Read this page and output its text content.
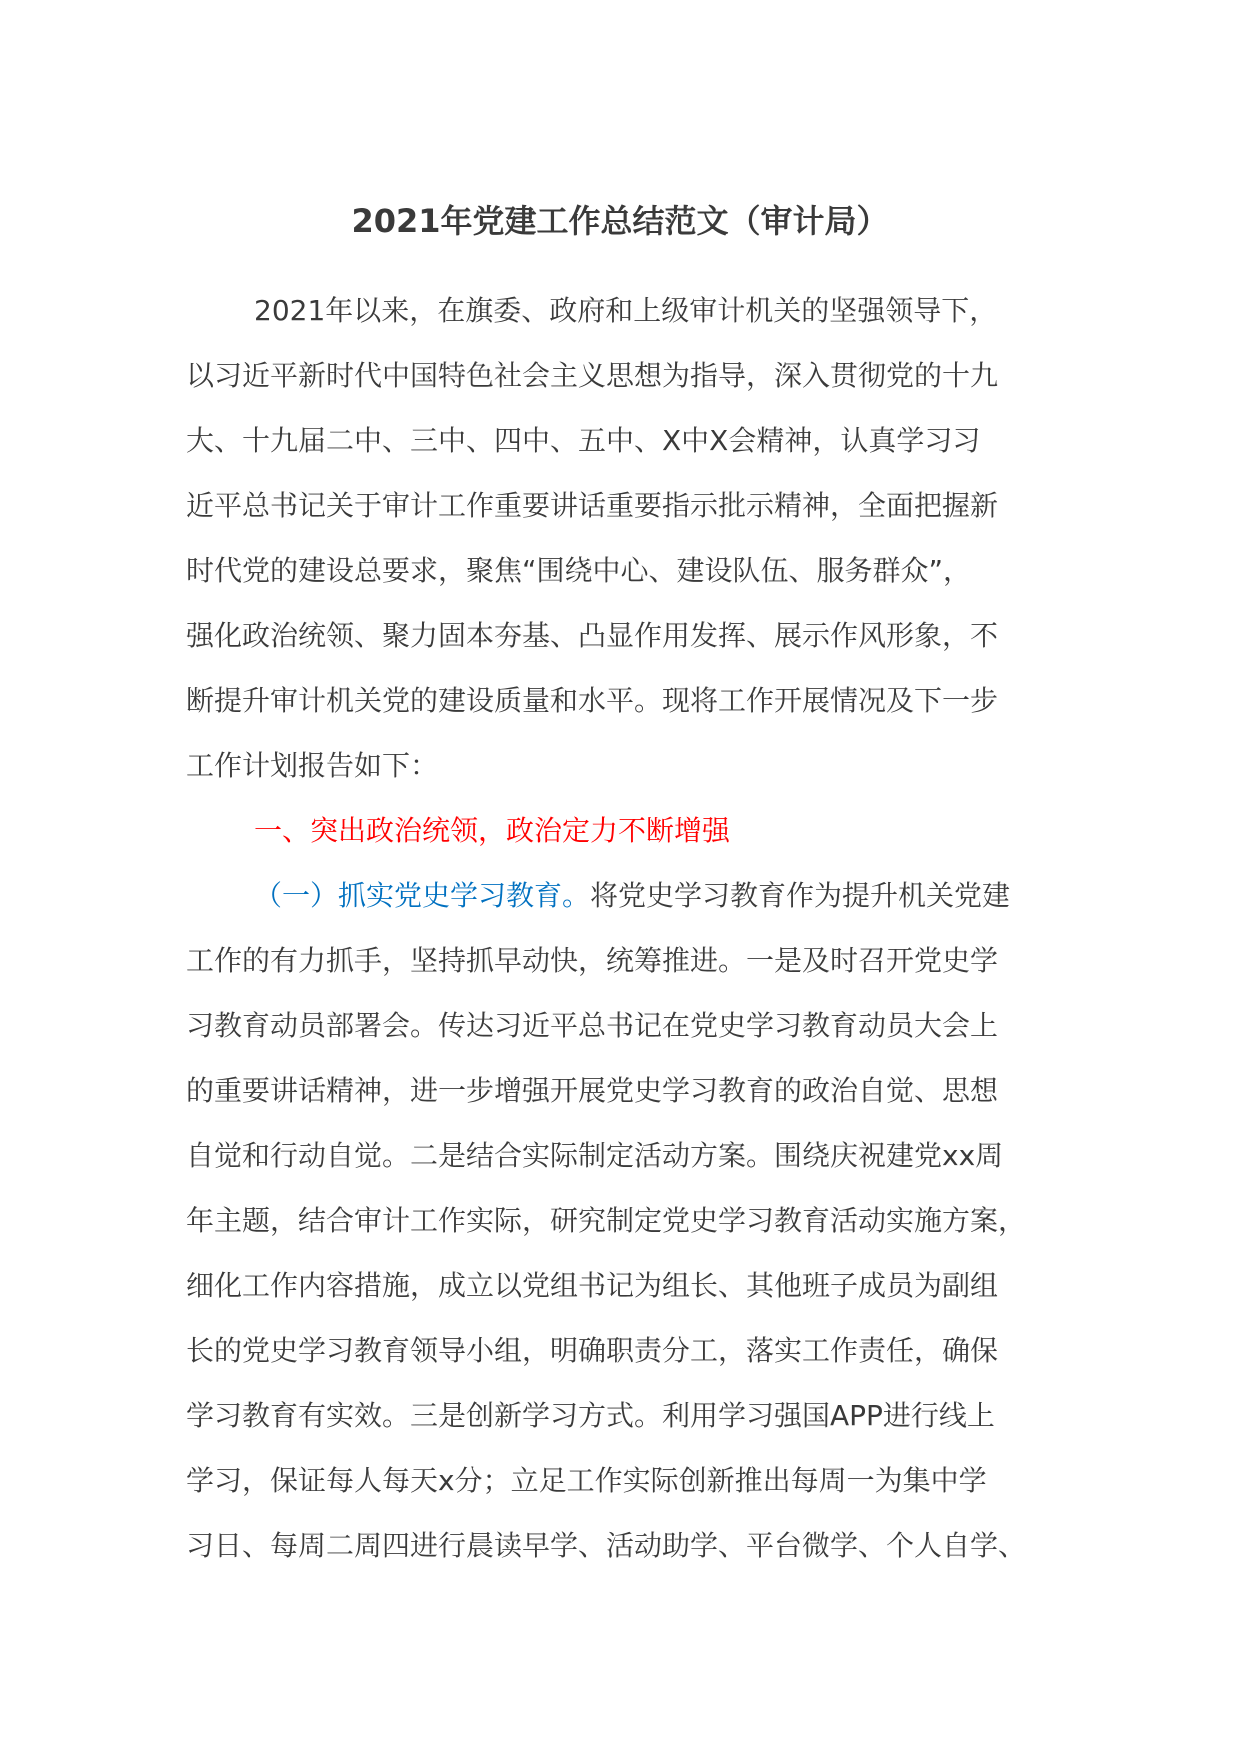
2021年党建工作总结范文（审计局）
2021年以来，在旗委、政府和上级审计机关的坚强领导下，
以习近平新时代中国特色社会主义思想为指导，深入贯彻党的十九
大、十九届二中、三中、四中、五中、X中X会精神，认真学习习
近平总书记关于审计工作重要讲话重要指示批示精神，全面把握新
时代党的建设总要求，聚焦“围绕中心、建设队伍、服务群众”，
强化政治统领、聚力固本夯基、凸显作用发挥、展示作风形象，不
断提升审计机关党的建设质量和水平。现将工作开展情况及下一步
工作计划报告如下：
一、突出政治统领，政治定力不断增强
（一）抓实党史学习教育。将党史学习教育作为提升机关党建
工作的有力抓手，坚持抓早动快，统筹推进。一是及时召开党史学
习教育动员部署会。传达习近平总书记在党史学习教育动员大会上
的重要讲话精神，进一步增强开展党史学习教育的政治自觉、思想
自觉和行动自觉。二是结合实际制定活动方案。围绕庆祝建党xx周
年主题，结合审计工作实际，研究制定党史学习教育活动实施方案，
细化工作内容措施，成立以党组书记为组长、其他班子成员为副组
长的党史学习教育领导小组，明确职责分工，落实工作责任，确保
学习教育有实效。三是创新学习方式。利用学习强国APP进行线上
学习，保证每人每天x分；立足工作实际创新推出每周一为集中学
习日、每周二周四进行晨读早学、活动助学、平台微学、个人自学、
